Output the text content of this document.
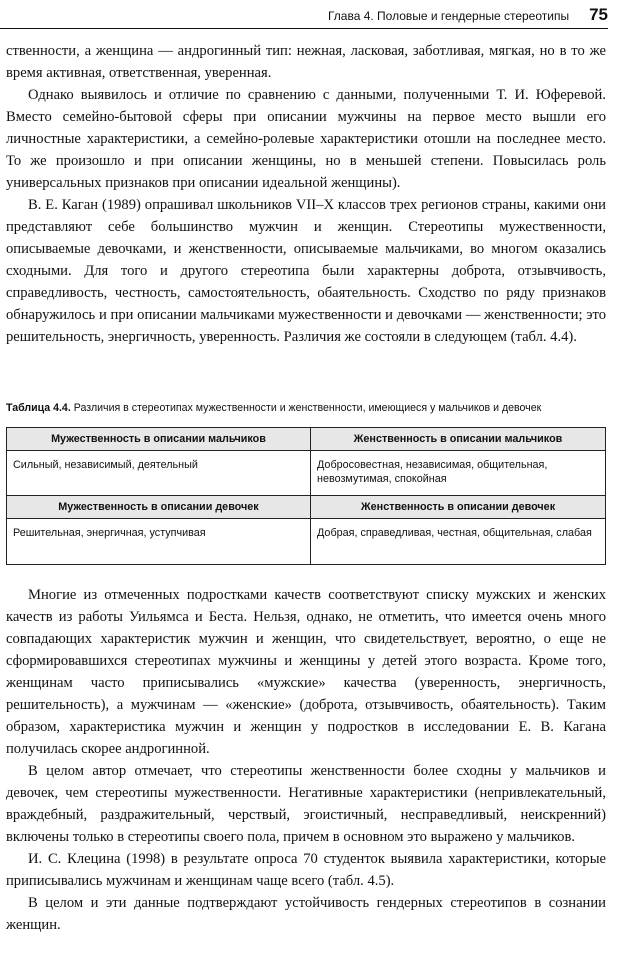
Глава 4. Половые и гендерные стереотипы 75

ственности, а женщина — андрогинный тип: нежная, ласковая, заботливая, мягкая, но в то же время активная, ответственная, уверенная.

Однако выявилось и отличие по сравнению с данными, полученными Т. И. Юферевой. Вместо семейно-бытовой сферы при описании мужчины на первое место вышли его личностные характеристики, а семейно-ролевые характеристики отошли на последнее место. То же произошло и при описании женщины, но в меньшей степени. Повысилась роль универсальных признаков при описании идеальной женщины).

В. Е. Каган (1989) опрашивал школьников VII–X классов трех регионов страны, какими они представляют себе большинство мужчин и женщин. Стереотипы мужественности, описываемые девочками, и женственности, описываемые мальчиками, во многом оказались сходными. Для того и другого стереотипа были характерны доброта, отзывчивость, справедливость, честность, самостоятельность, обаятельность. Сходство по ряду признаков обнаружилось и при описании мальчиками мужественности и девочками — женственности; это решительность, энергичность, уверенность. Различия же состояли в следующем (табл. 4.4).

Таблица 4.4. Различия в стереотипах мужественности и женственности, имеющиеся у мальчиков и девочек
Мужественность в описании мальчиков	Женственность в описании мальчиков
Сильный, независимый, деятельный	Добросовестная, независимая, общительная, невозмутимая, спокойная
Мужественность в описании девочек	Женственность в описании девочек
Решительная, энергичная, уступчивая	Добрая, справедливая, честная, общительная, слабая

Многие из отмеченных подростками качеств соответствуют списку мужских и женских качеств из работы Уильямса и Беста. Нельзя, однако, не отметить, что имеется очень много совпадающих характеристик мужчин и женщин, что свидетельствует, вероятно, о еще не сформировавшихся стереотипах мужчины и женщины у детей этого возраста. Кроме того, женщинам часто приписывались «мужские» качества (уверенность, энергичность, решительность), а мужчинам — «женские» (доброта, отзывчивость, обаятельность). Таким образом, характеристика мужчин и женщин у подростков в исследовании Е. В. Кагана получилась скорее андрогинной.

В целом автор отмечает, что стереотипы женственности более сходны у мальчиков и девочек, чем стереотипы мужественности. Негативные характеристики (непривлекательный, враждебный, раздражительный, черствый, эгоистичный, несправедливый, неискренний) включены только в стереотипы своего пола, причем в основном это выражено у мальчиков.

И. С. Клецина (1998) в результате опроса 70 студенток выявила характеристики, которые приписывались мужчинам и женщинам чаще всего (табл. 4.5).

В целом и эти данные подтверждают устойчивость гендерных стереотипов в сознании женщин.
